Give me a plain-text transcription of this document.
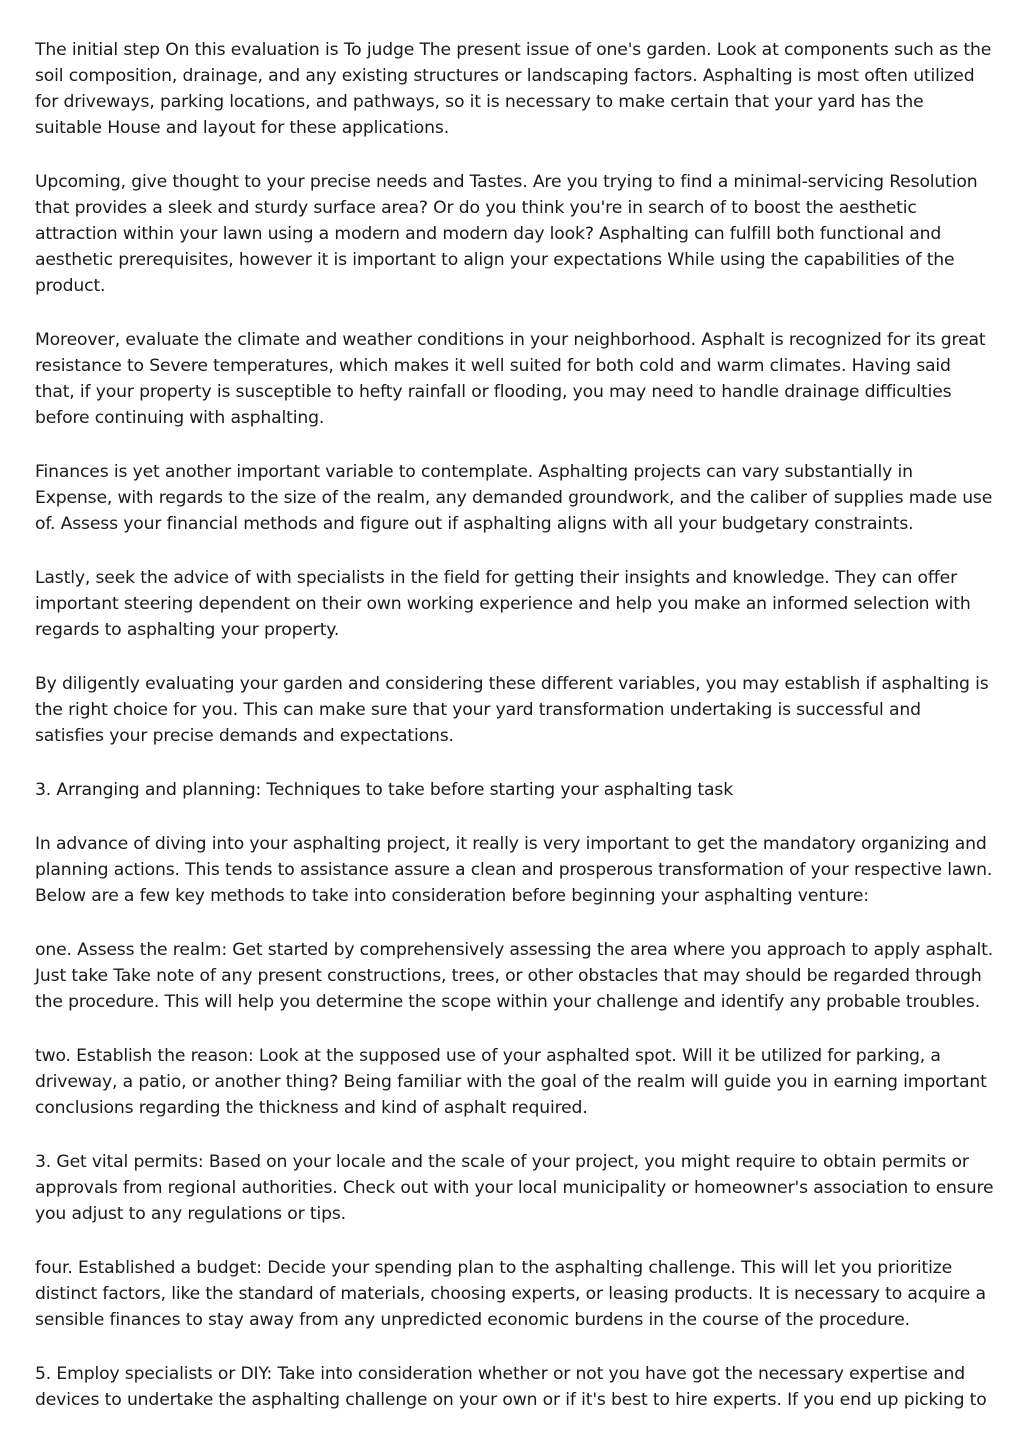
The initial step On this evaluation is To judge The present issue of one's garden. Look at components such as the soil composition, drainage, and any existing structures or landscaping factors. Asphalting is most often utilized for driveways, parking locations, and pathways, so it is necessary to make certain that your yard has the suitable House and layout for these applications.

Upcoming, give thought to your precise needs and Tastes. Are you trying to find a minimal-servicing Resolution that provides a sleek and sturdy surface area? Or do you think you're in search of to boost the aesthetic attraction within your lawn using a modern and modern day look? Asphalting can fulfill both functional and aesthetic prerequisites, however it is important to align your expectations While using the capabilities of the product.

Moreover, evaluate the climate and weather conditions in your neighborhood. Asphalt is recognized for its great resistance to Severe temperatures, which makes it well suited for both cold and warm climates. Having said that, if your property is susceptible to hefty rainfall or flooding, you may need to handle drainage difficulties before continuing with asphalting.

Finances is yet another important variable to contemplate. Asphalting projects can vary substantially in Expense, with regards to the size of the realm, any demanded groundwork, and the caliber of supplies made use of. Assess your financial methods and figure out if asphalting aligns with all your budgetary constraints.

Lastly, seek the advice of with specialists in the field for getting their insights and knowledge. They can offer important steering dependent on their own working experience and help you make an informed selection with regards to asphalting your property.

By diligently evaluating your garden and considering these different variables, you may establish if asphalting is the right choice for you. This can make sure that your yard transformation undertaking is successful and satisfies your precise demands and expectations.

3. Arranging and planning: Techniques to take before starting your asphalting task

In advance of diving into your asphalting project, it really is very important to get the mandatory organizing and planning actions. This tends to assistance assure a clean and prosperous transformation of your respective lawn. Below are a few key methods to take into consideration before beginning your asphalting venture:

one. Assess the realm: Get started by comprehensively assessing the area where you approach to apply asphalt. Just take Take note of any present constructions, trees, or other obstacles that may should be regarded through the procedure. This will help you determine the scope within your challenge and identify any probable troubles.

two. Establish the reason: Look at the supposed use of your asphalted spot. Will it be utilized for parking, a driveway, a patio, or another thing? Being familiar with the goal of the realm will guide you in earning important conclusions regarding the thickness and kind of asphalt required.

3. Get vital permits: Based on your locale and the scale of your project, you might require to obtain permits or approvals from regional authorities. Check out with your local municipality or homeowner's association to ensure you adjust to any regulations or tips.

four. Established a budget: Decide your spending plan to the asphalting challenge. This will let you prioritize distinct factors, like the standard of materials, choosing experts, or leasing products. It is necessary to acquire a sensible finances to stay away from any unpredicted economic burdens in the course of the procedure.

5. Employ specialists or DIY: Take into consideration whether or not you have got the necessary expertise and devices to undertake the asphalting challenge on your own or if it's best to hire experts. If you end up picking to
